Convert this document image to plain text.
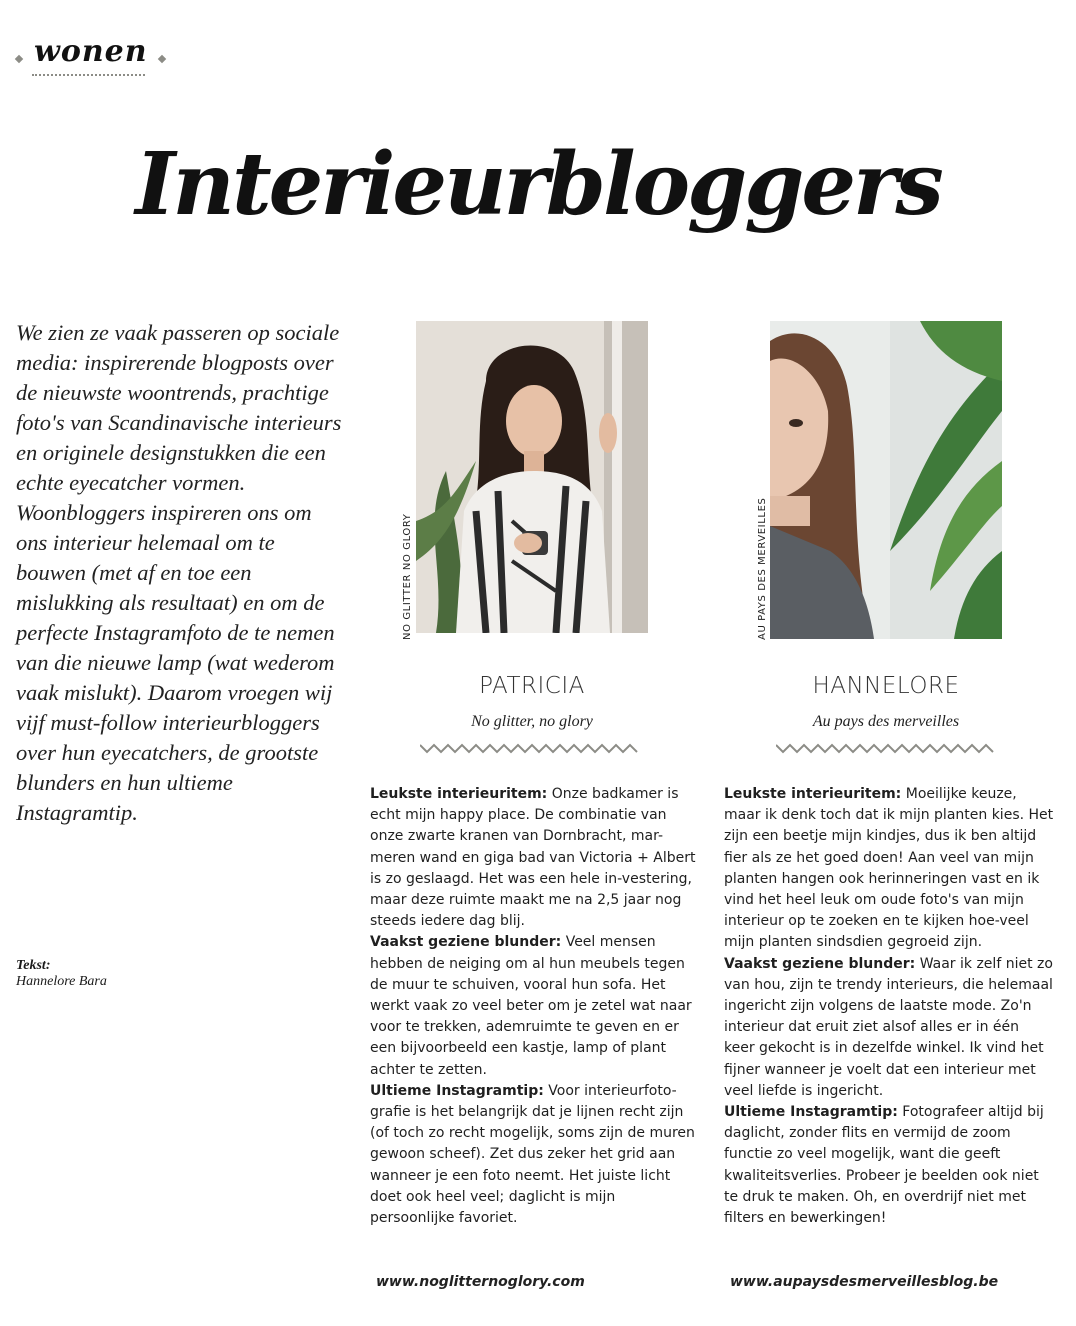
wonen
Interieurbloggers

We zien ze vaak passeren op sociale media: inspirerende blogposts over de nieuwste woontrends, prachtige foto's van Scandinavische interieurs en originele designstukken die een echte eyecatcher vormen. Woonbloggers inspireren ons om ons interieur helemaal om te bouwen (met af en toe een mislukking als resultaat) en om de perfecte Instagramfoto de te nemen van die nieuwe lamp (wat wederom vaak mislukt). Daarom vroegen wij vijf must-follow interieurbloggers over hun eyecatchers, de grootste blunders en hun ultieme Instagramtip.

Tekst:
Hannelore Bara
NO GLITTER NO GLORY
PATRICIA
No glitter, no glory
Leukste interieuritem: Onze badkamer is echt mijn happy place. De combinatie van onze zwarte kranen van Dornbracht, mar-meren wand en giga bad van Victoria + Albert is zo geslaagd. Het was een hele in-vestering, maar deze ruimte maakt me na 2,5 jaar nog steeds iedere dag blij.
Vaakst geziene blunder: Veel mensen hebben de neiging om al hun meubels tegen de muur te schuiven, vooral hun sofa. Het werkt vaak zo veel beter om je zetel wat naar voor te trekken, ademruimte te geven en er een bijvoorbeeld een kastje, lamp of plant achter te zetten.
Ultieme Instagramtip: Voor interieurfoto-grafie is het belangrijk dat je lijnen recht zijn (of toch zo recht mogelijk, soms zijn de muren gewoon scheef). Zet dus zeker het grid aan wanneer je een foto neemt. Het juiste licht doet ook heel veel; daglicht is mijn persoonlijke favoriet.
www.noglitternoglory.com
AU PAYS DES MERVEILLES
HANNELORE
Au pays des merveilles
Leukste interieuritem: Moeilijke keuze, maar ik denk toch dat ik mijn planten kies. Het zijn een beetje mijn kindjes, dus ik ben altijd fier als ze het goed doen! Aan veel van mijn planten hangen ook herinneringen vast en ik vind het heel leuk om oude foto's van mijn interieur op te zoeken en te kijken hoe-veel mijn planten sindsdien gegroeid zijn.
Vaakst geziene blunder: Waar ik zelf niet zo van hou, zijn te trendy interieurs, die helemaal ingericht zijn volgens de laatste mode. Zo'n interieur dat eruit ziet alsof alles er in één keer gekocht is in dezelfde winkel. Ik vind het fijner wanneer je voelt dat een interieur met veel liefde is ingericht.
Ultieme Instagramtip: Fotografeer altijd bij daglicht, zonder flits en vermijd de zoom functie zo veel mogelijk, want die geeft kwaliteitsverlies. Probeer je beelden ook niet te druk te maken. Oh, en overdrijf niet met filters en bewerkingen!
www.aupaysdesmerveillesblog.be
